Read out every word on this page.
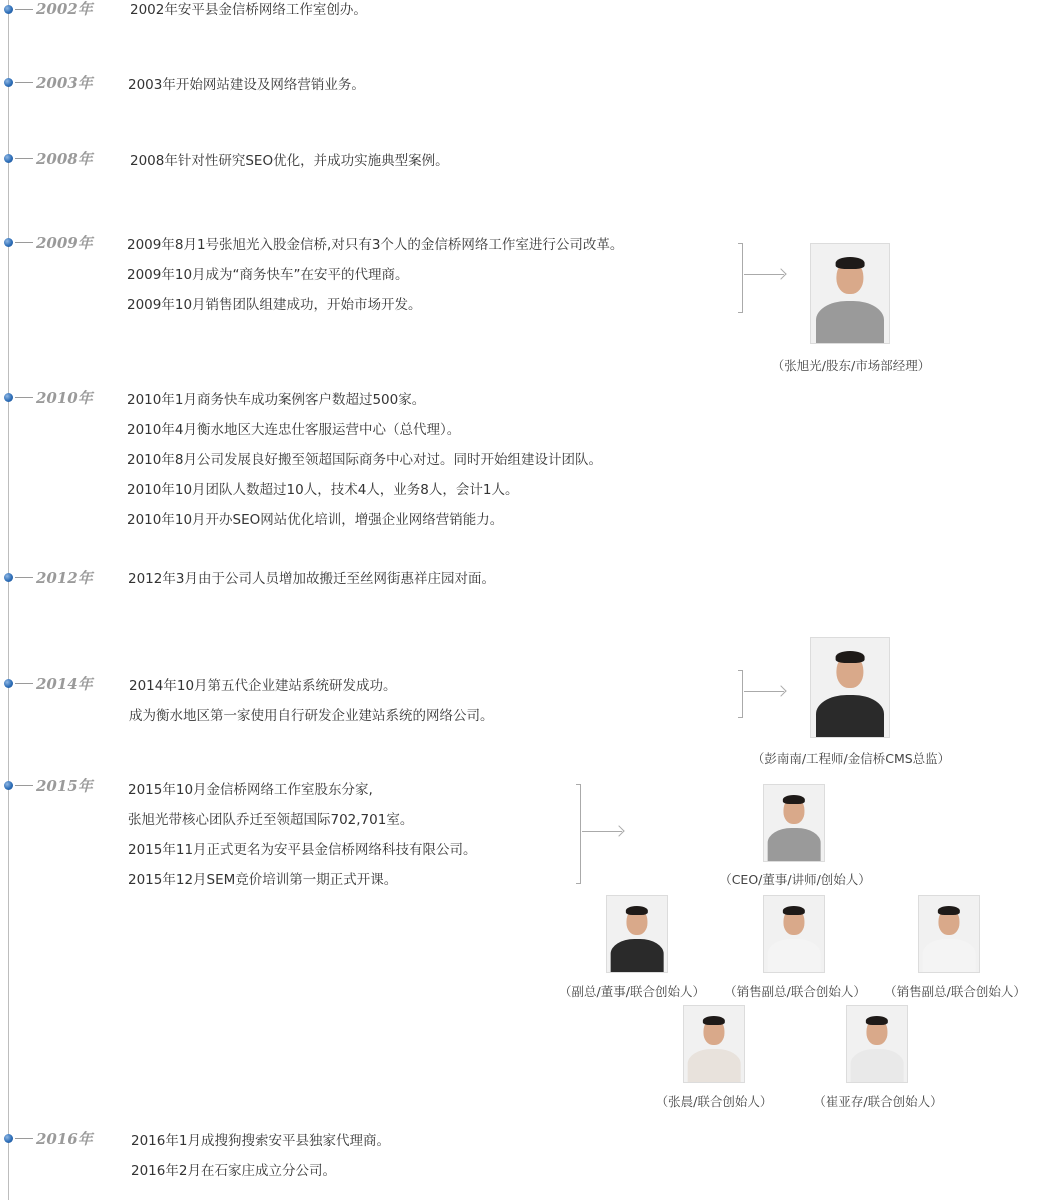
2002年	2002年安平县金信桥网络工作室创办。
2003年	2003年开始网站建设及网络营销业务。
2008年	2008年针对性研究SEO优化，并成功实施典型案例。
2009年	2009年8月1号张旭光入股金信桥,对只有3个人的金信桥网络工作室进行公司改革。
2009年10月成为“商务快车”在安平的代理商。
2009年10月销售团队组建成功，开始市场开发。
2010年	2010年1月商务快车成功案例客户数超过500家。
2010年4月衡水地区大连忠仕客服运营中心（总代理）。
2010年8月公司发展良好搬至领超国际商务中心对过。同时开始组建设计团队。
2010年10月团队人数超过10人，技术4人，业务8人，会计1人。
2010年10月开办SEO网站优化培训，增强企业网络营销能力。
2012年	2012年3月由于公司人员增加故搬迁至丝网街惠祥庄园对面。
2014年	2014年10月第五代企业建站系统研发成功。
成为衡水地区第一家使用自行研发企业建站系统的网络公司。
2015年	2015年10月金信桥网络工作室股东分家,
张旭光带核心团队乔迁至领超国际702,701室。
2015年11月正式更名为安平县金信桥网络科技有限公司。
2015年12月SEM竞价培训第一期正式开课。
2016年	2016年1月成搜狗搜索安平县独家代理商。
2016年2月在石家庄成立分公司。
（张旭光/股东/市场部经理）
（彭南南/工程师/金信桥CMS总监）
（CEO/董事/讲师/创始人）
（副总/董事/联合创始人）	（销售副总/联合创始人）	（销售副总/联合创始人）
（张晨/联合创始人）	（崔亚存/联合创始人）
